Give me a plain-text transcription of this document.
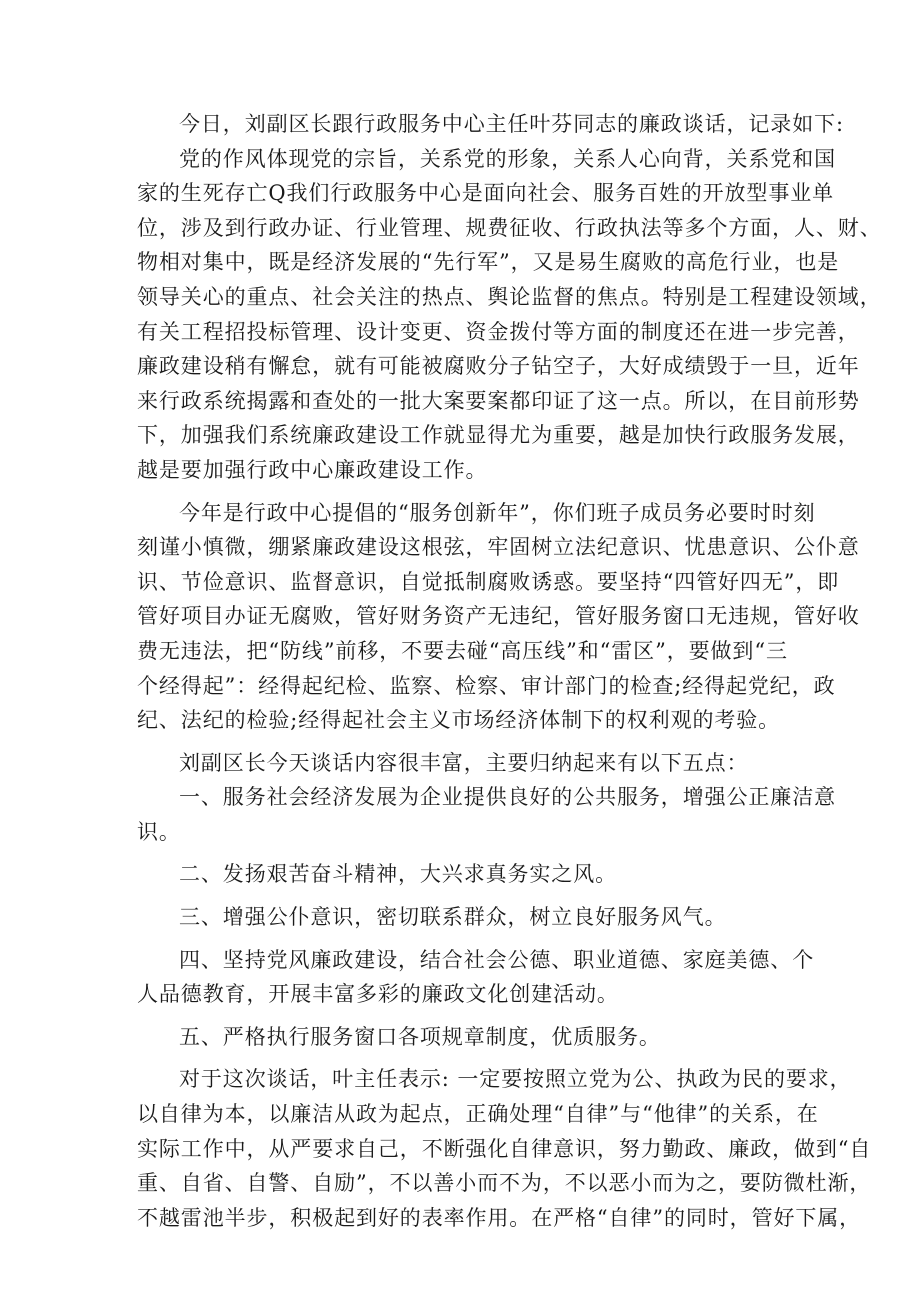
今日，刘副区长跟行政服务中心主任叶芬同志的廉政谈话，记录如下:
党的作风体现党的宗旨，关系党的形象，关系人心向背，关系党和国
家的生死存亡Q我们行政服务中心是面向社会、服务百姓的开放型事业单
位，涉及到行政办证、行业管理、规费征收、行政执法等多个方面，人、财、
物相对集中，既是经济发展的“先行军”，又是易生腐败的高危行业，也是
领导关心的重点、社会关注的热点、舆论监督的焦点。特别是工程建设领域，
有关工程招投标管理、设计变更、资金拨付等方面的制度还在进一步完善，
廉政建设稍有懈怠，就有可能被腐败分子钻空子，大好成绩毁于一旦，近年
来行政系统揭露和查处的一批大案要案都印证了这一点。所以，在目前形势
下，加强我们系统廉政建设工作就显得尤为重要，越是加快行政服务发展，
越是要加强行政中心廉政建设工作。
今年是行政中心提倡的“服务创新年”，你们班子成员务必要时时刻
刻谨小慎微，绷紧廉政建设这根弦，牢固树立法纪意识、忧患意识、公仆意
识、节俭意识、监督意识，自觉抵制腐败诱惑。要坚持“四管好四无”，即
管好项目办证无腐败，管好财务资产无违纪，管好服务窗口无违规，管好收
费无违法，把“防线”前移，不要去碰“高压线”和“雷区”，要做到“三
个经得起”：经得起纪检、监察、检察、审计部门的检查;经得起党纪，政
纪、法纪的检验;经得起社会主义市场经济体制下的权利观的考验。
刘副区长今天谈话内容很丰富，主要归纳起来有以下五点：
一、服务社会经济发展为企业提供良好的公共服务，增强公正廉洁意
识。
二、发扬艰苦奋斗精神，大兴求真务实之风。
三、增强公仆意识，密切联系群众，树立良好服务风气。
四、坚持党风廉政建设，结合社会公德、职业道德、家庭美德、个
人品德教育，开展丰富多彩的廉政文化创建活动。
五、严格执行服务窗口各项规章制度，优质服务。
对于这次谈话，叶主任表示: 一定要按照立党为公、执政为民的要求，
以自律为本，以廉洁从政为起点，正确处理“自律”与“他律”的关系，在
实际工作中，从严要求自己，不断强化自律意识，努力勤政、廉政，做到“自
重、自省、自警、自励”，不以善小而不为，不以恶小而为之，要防微杜渐，
不越雷池半步，积极起到好的表率作用。在严格“自律”的同时，管好下属，
